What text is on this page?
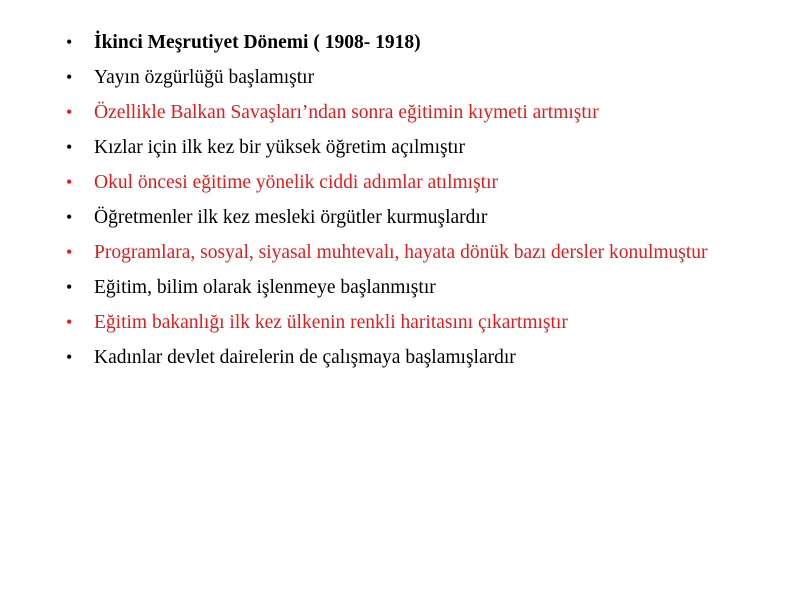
•	İkinci Meşrutiyet Dönemi ( 1908- 1918)
•	Yayın özgürlüğü başlamıştır
•	Özellikle Balkan Savaşları’ndan sonra eğitimin kıymeti artmıştır
•	Kızlar için ilk kez bir yüksek öğretim açılmıştır
•	Okul öncesi eğitime yönelik ciddi adımlar atılmıştır
•	Öğretmenler ilk kez mesleki örgütler kurmuşlardır
•	Programlara, sosyal, siyasal muhtevalı, hayata dönük bazı dersler konulmuştur
•	Eğitim, bilim olarak işlenmeye başlanmıştır
•	Eğitim bakanlığı ilk kez ülkenin renkli haritasını çıkartmıştır
•	Kadınlar devlet dairelerin de çalışmaya başlamışlardır
